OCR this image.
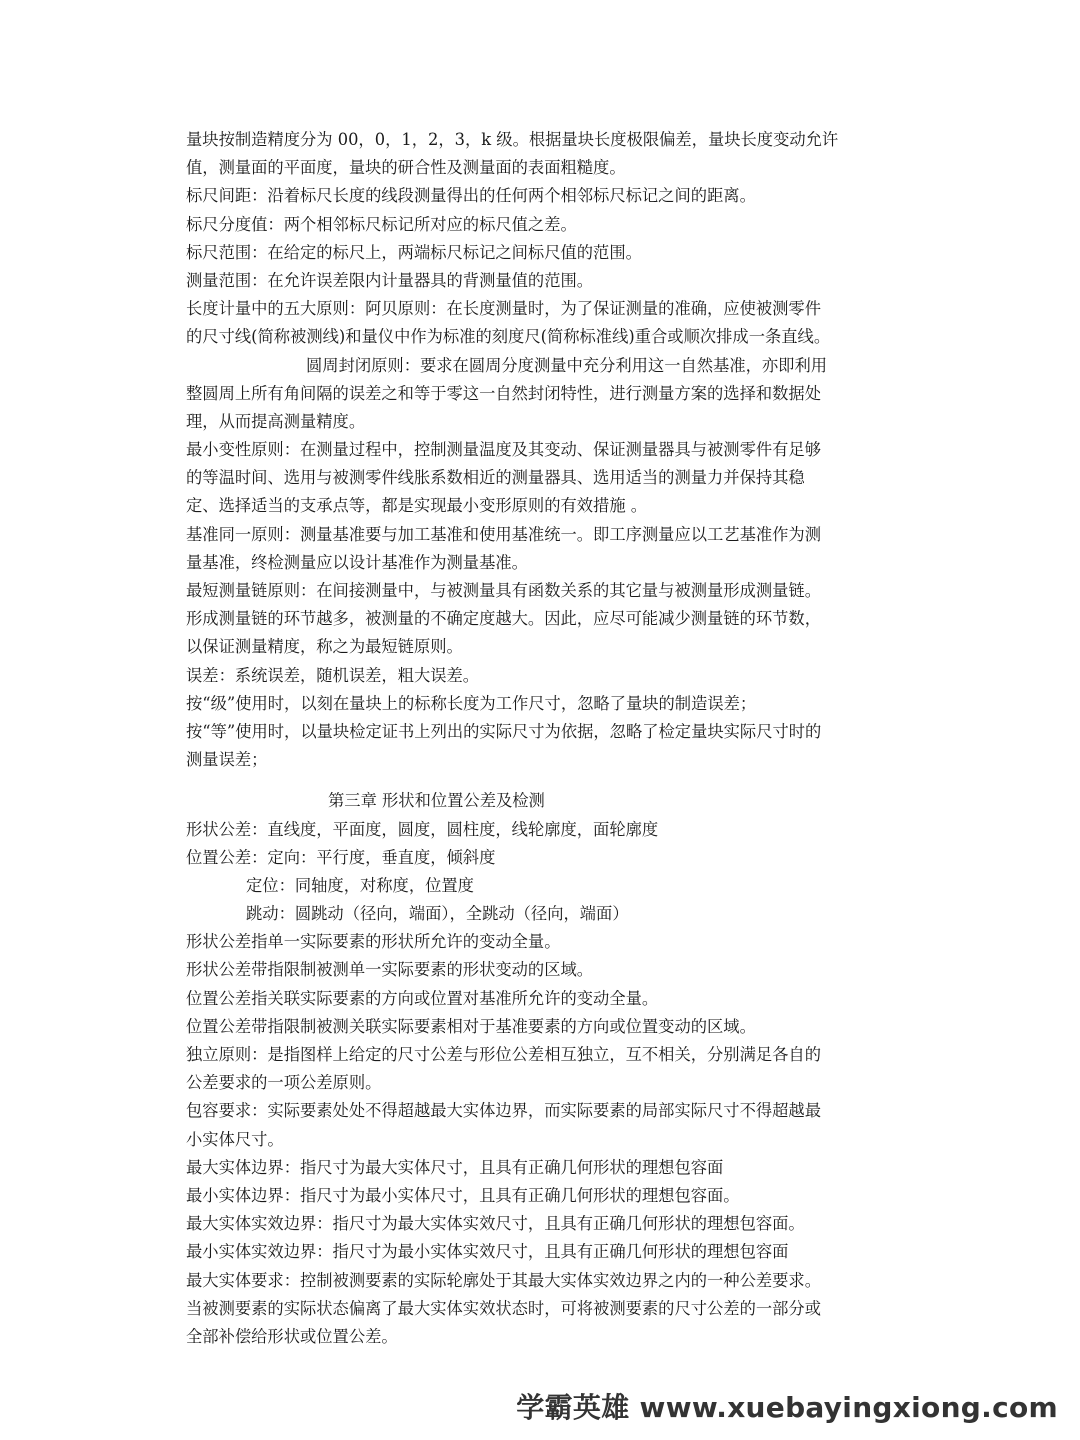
量块按制造精度分为 00，0，1，2，3，k 级。根据量块长度极限偏差，量块长度变动允许
值，测量面的平面度，量块的研合性及测量面的表面粗糙度。
标尺间距：沿着标尺长度的线段测量得出的任何两个相邻标尺标记之间的距离。
标尺分度值：两个相邻标尺标记所对应的标尺值之差。
标尺范围：在给定的标尺上，两端标尺标记之间标尺值的范围。
测量范围：在允许误差限内计量器具的背测量值的范围。
长度计量中的五大原则：阿贝原则：在长度测量时，为了保证测量的准确，应使被测零件
的尺寸线(简称被测线)和量仪中作为标准的刻度尺(简称标准线)重合或顺次排成一条直线。
圆周封闭原则：要求在圆周分度测量中充分利用这一自然基准，亦即利用
整圆周上所有角间隔的误差之和等于零这一自然封闭特性，进行测量方案的选择和数据处
理，从而提高测量精度。
最小变性原则：在测量过程中，控制测量温度及其变动、保证测量器具与被测零件有足够
的等温时间、选用与被测零件线胀系数相近的测量器具、选用适当的测量力并保持其稳
定、选择适当的支承点等，都是实现最小变形原则的有效措施 。
基准同一原则：测量基准要与加工基准和使用基准统一。即工序测量应以工艺基准作为测
量基准，终检测量应以设计基准作为测量基准。
最短测量链原则：在间接测量中，与被测量具有函数关系的其它量与被测量形成测量链。
形成测量链的环节越多，被测量的不确定度越大。因此，应尽可能减少测量链的环节数，
以保证测量精度，称之为最短链原则。
误差：系统误差，随机误差，粗大误差。
按“级”使用时，以刻在量块上的标称长度为工作尺寸，忽略了量块的制造误差；
按“等”使用时，以量块检定证书上列出的实际尺寸为依据，忽略了检定量块实际尺寸时的
测量误差；
第三章 形状和位置公差及检测
形状公差：直线度，平面度，圆度，圆柱度，线轮廓度，面轮廓度
位置公差：定向：平行度，垂直度，倾斜度
定位：同轴度，对称度，位置度
跳动：圆跳动（径向，端面），全跳动（径向，端面）
形状公差指单一实际要素的形状所允许的变动全量。
形状公差带指限制被测单一实际要素的形状变动的区域。
位置公差指关联实际要素的方向或位置对基准所允许的变动全量。
位置公差带指限制被测关联实际要素相对于基准要素的方向或位置变动的区域。
独立原则：是指图样上给定的尺寸公差与形位公差相互独立，互不相关，分别满足各自的
公差要求的一项公差原则。
包容要求：实际要素处处不得超越最大实体边界，而实际要素的局部实际尺寸不得超越最
小实体尺寸。
最大实体边界：指尺寸为最大实体尺寸，且具有正确几何形状的理想包容面
最小实体边界：指尺寸为最小实体尺寸，且具有正确几何形状的理想包容面。
最大实体实效边界：指尺寸为最大实体实效尺寸，且具有正确几何形状的理想包容面。
最小实体实效边界：指尺寸为最小实体实效尺寸，且具有正确几何形状的理想包容面
最大实体要求：控制被测要素的实际轮廓处于其最大实体实效边界之内的一种公差要求。
当被测要素的实际状态偏离了最大实体实效状态时，可将被测要素的尺寸公差的一部分或
全部补偿给形状或位置公差。
学霸英雄 www.xuebayingxiong.com
